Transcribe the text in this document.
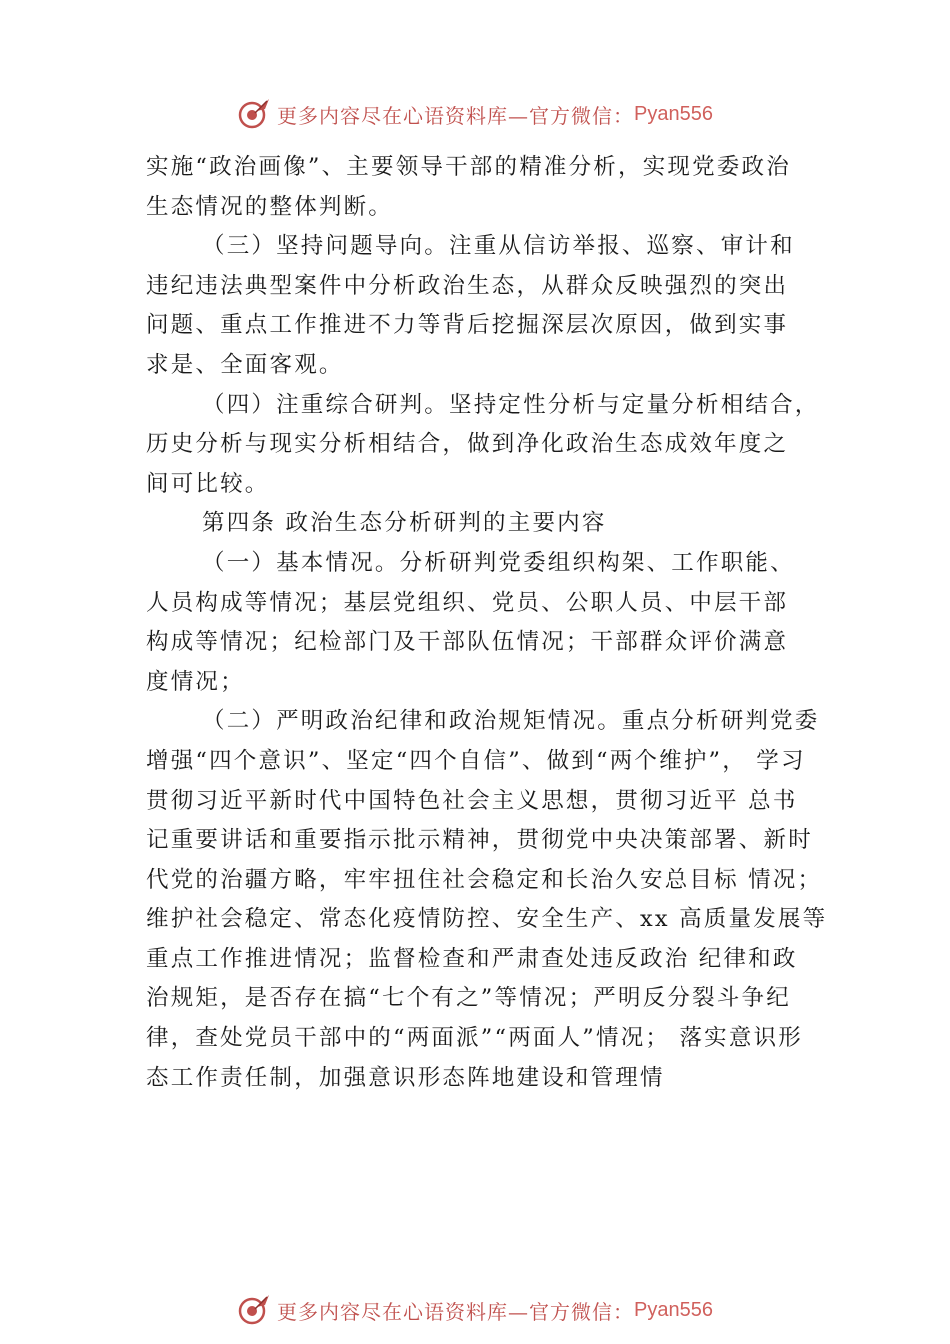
更多内容尽在心语资料库—官方微信： Pyan556
实施“政治画像”、主要领导干部的精准分析，实现党委政治
生态情况的整体判断。
（三）坚持问题导向。注重从信访举报、巡察、审计和
违纪违法典型案件中分析政治生态，从群众反映强烈的突出
问题、重点工作推进不力等背后挖掘深层次原因，做到实事
求是、全面客观。
（四）注重综合研判。坚持定性分析与定量分析相结合，
历史分析与现实分析相结合，做到净化政治生态成效年度之
间可比较。
第四条 政治生态分析研判的主要内容
（一）基本情况。分析研判党委组织构架、工作职能、
人员构成等情况；基层党组织、党员、公职人员、中层干部
构成等情况；纪检部门及干部队伍情况；干部群众评价满意
度情况；
（二）严明政治纪律和政治规矩情况。重点分析研判党委
增强“四个意识”、坚定“四个自信”、做到“两个维护”， 学习
贯彻习近平新时代中国特色社会主义思想，贯彻习近平 总书
记重要讲话和重要指示批示精神，贯彻党中央决策部署、新时
代党的治疆方略，牢牢扭住社会稳定和长治久安总目标 情况；
维护社会稳定、常态化疫情防控、安全生产、xx 高质量发展等
重点工作推进情况；监督检查和严肃查处违反政治 纪律和政
治规矩，是否存在搞“七个有之”等情况；严明反分裂斗争纪
律，查处党员干部中的“两面派”“两面人”情况； 落实意识形
态工作责任制，加强意识形态阵地建设和管理情
更多内容尽在心语资料库—官方微信： Pyan556
